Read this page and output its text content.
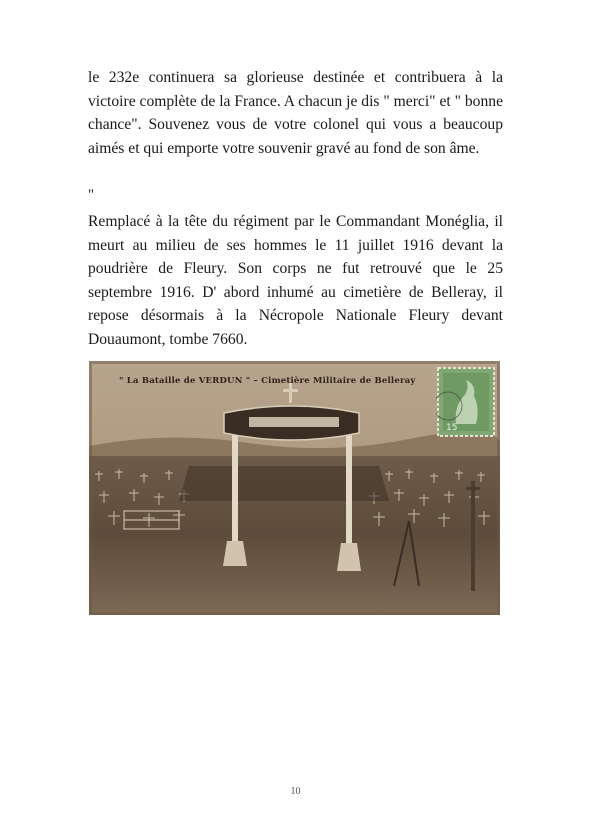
le 232e continuera sa glorieuse destinée et contribuera à la victoire complète de la France. A chacun je dis " merci" et " bonne chance". Souvenez vous de votre colonel qui vous a beaucoup aimés et qui emporte votre souvenir gravé au fond de son âme.

"

Remplacé à la tête du régiment par le Commandant Monéglia, il meurt au milieu de ses hommes le 11 juillet 1916 devant la poudrière de Fleury. Son corps ne fut retrouvé que le 25 septembre 1916. D' abord inhumé au cimetière de Belleray, il repose désormais à la Nécropole Nationale Fleury devant Douaumont, tombe 7660.

" La Bataille de VERDUN " – Cimetière Militaire de Belleray
15
10
